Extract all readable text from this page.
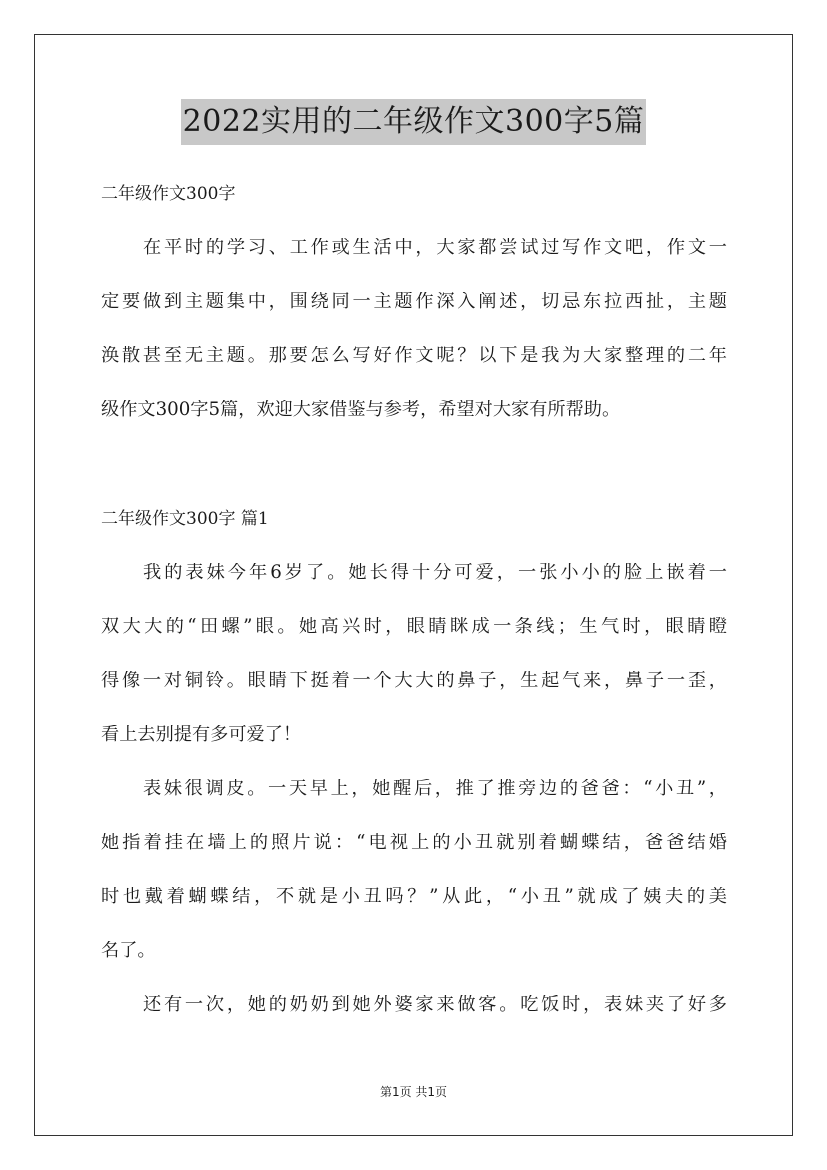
2022实用的二年级作文300字5篇
二年级作文300字
在平时的学习、工作或生活中，大家都尝试过写作文吧，作文一
定要做到主题集中，围绕同一主题作深入阐述，切忌东拉西扯，主题
涣散甚至无主题。那要怎么写好作文呢？以下是我为大家整理的二年
级作文300字5篇，欢迎大家借鉴与参考，希望对大家有所帮助。
二年级作文300字 篇1
我的表妹今年6岁了。她长得十分可爱，一张小小的脸上嵌着一
双大大的“田螺”眼。她高兴时，眼睛眯成一条线；生气时，眼睛瞪
得像一对铜铃。眼睛下挺着一个大大的鼻子，生起气来，鼻子一歪，
看上去别提有多可爱了！
表妹很调皮。一天早上，她醒后，推了推旁边的爸爸：“小丑”，
她指着挂在墙上的照片说：“电视上的小丑就别着蝴蝶结，爸爸结婚
时也戴着蝴蝶结，不就是小丑吗？”从此，“小丑”就成了姨夫的美
名了。
还有一次，她的奶奶到她外婆家来做客。吃饭时，表妹夹了好多
第1页 共1页
